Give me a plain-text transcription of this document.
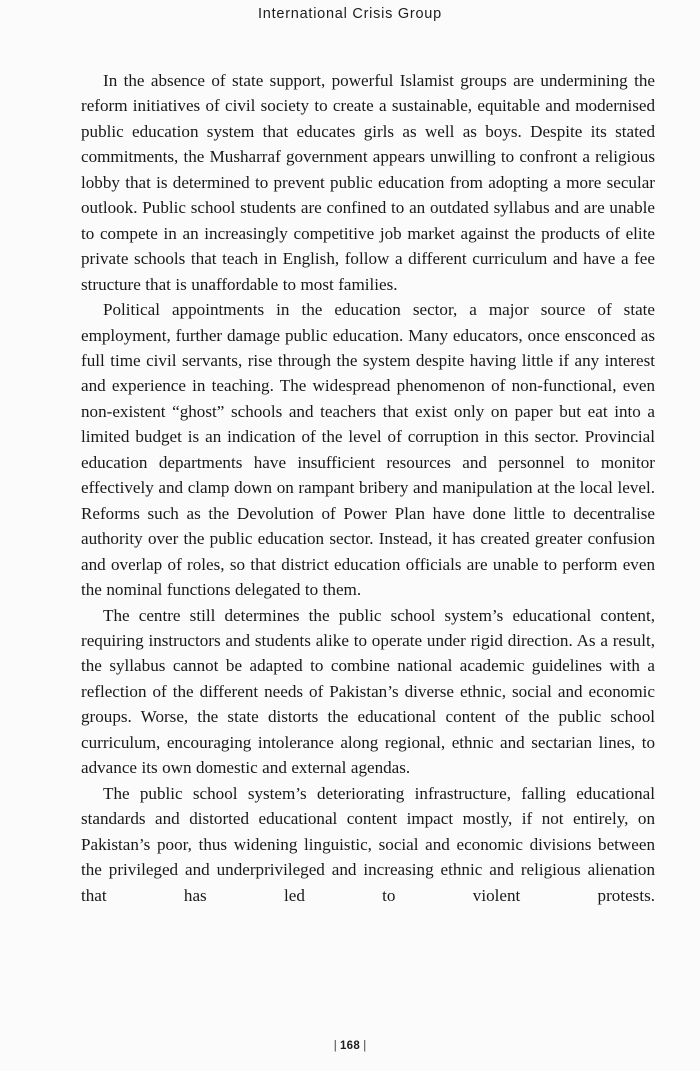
International Crisis Group

In the absence of state support, powerful Islamist groups are undermining the reform initiatives of civil society to create a sustainable, equitable and modernised public education system that educates girls as well as boys. Despite its stated commitments, the Musharraf government appears unwilling to confront a religious lobby that is determined to prevent public education from adopting a more secular outlook. Public school students are confined to an outdated syllabus and are unable to compete in an increasingly competitive job market against the products of elite private schools that teach in English, follow a different curriculum and have a fee structure that is unaffordable to most families.

Political appointments in the education sector, a major source of state employment, further damage public education. Many educators, once ensconced as full time civil servants, rise through the system despite having little if any interest and experience in teaching. The widespread phenomenon of non-functional, even non-existent “ghost” schools and teachers that exist only on paper but eat into a limited budget is an indication of the level of corruption in this sector. Provincial education departments have insufficient resources and personnel to monitor effectively and clamp down on rampant bribery and manipulation at the local level. Reforms such as the Devolution of Power Plan have done little to decentralise authority over the public education sector. Instead, it has created greater confusion and overlap of roles, so that district education officials are unable to perform even the nominal functions delegated to them.

The centre still determines the public school system’s educational content, requiring instructors and students alike to operate under rigid direction. As a result, the syllabus cannot be adapted to combine national academic guidelines with a reflection of the different needs of Pakistan’s diverse ethnic, social and economic groups. Worse, the state distorts the educational content of the public school curriculum, encouraging intolerance along regional, ethnic and sectarian lines, to advance its own domestic and external agendas.

The public school system’s deteriorating infrastructure, falling educational standards and distorted educational content impact mostly, if not entirely, on Pakistan’s poor, thus widening linguistic, social and economic divisions between the privileged and underprivileged and increasing ethnic and religious alienation that has led to violent protests.

| 168 |
